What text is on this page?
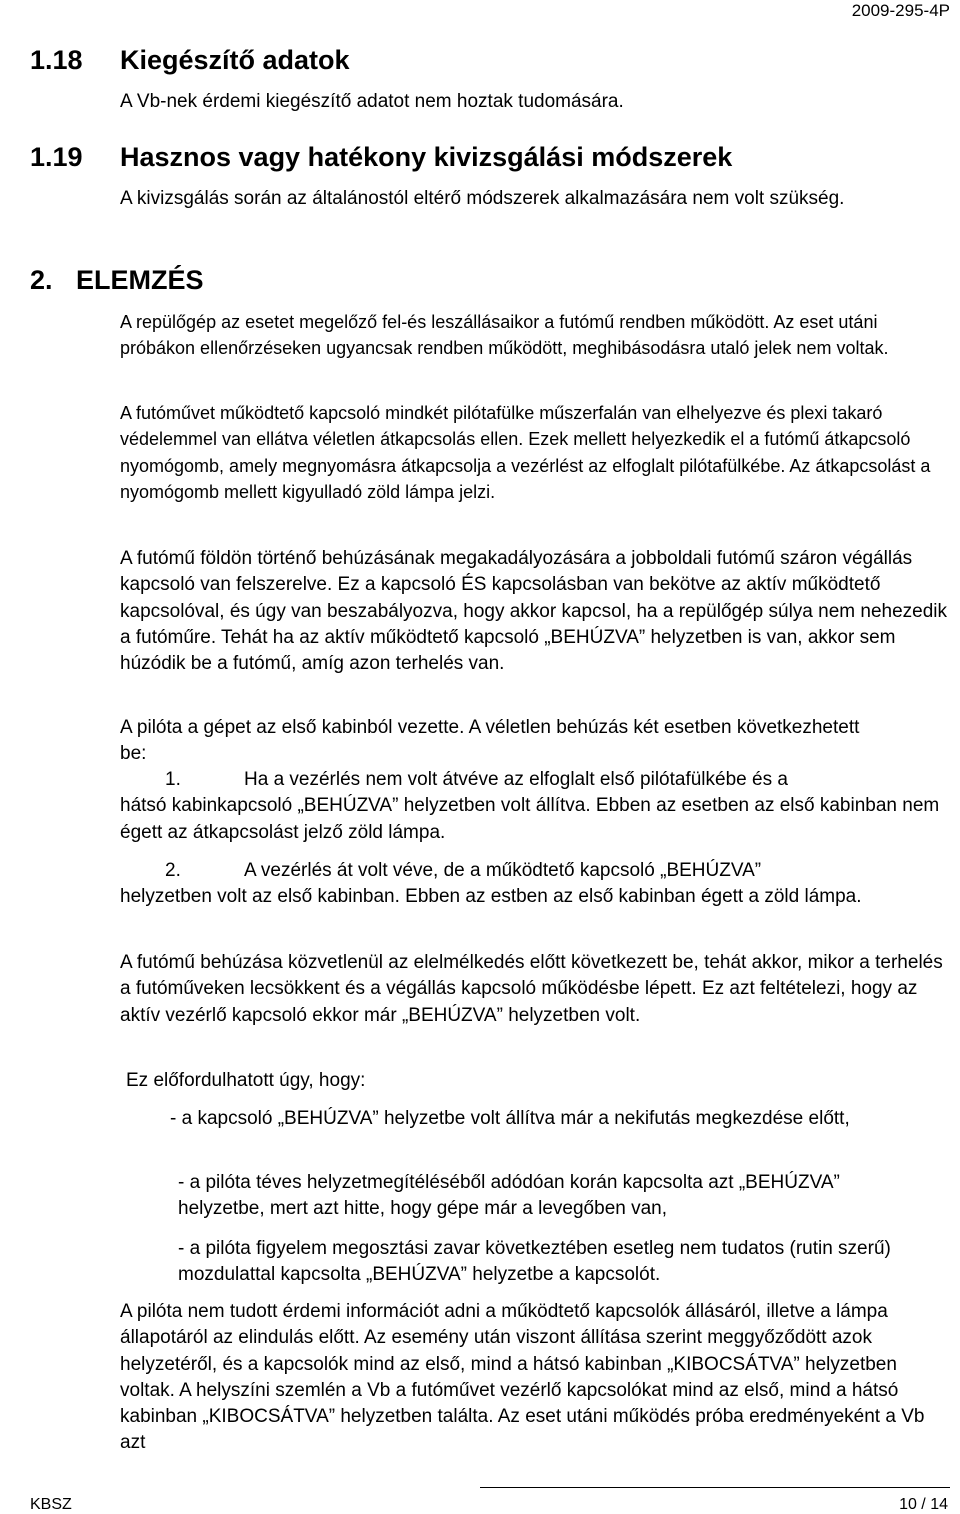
2009-295-4P
1.18 Kiegészítő adatok

A Vb-nek érdemi kiegészítő adatot nem hoztak tudomására.

1.19 Hasznos vagy hatékony kivizsgálási módszerek

A kivizsgálás során az általánostól eltérő módszerek alkalmazására nem volt szükség.

2. ELEMZÉS

A repülőgép az esetet megelőző fel-és leszállásaikor a futómű rendben működött. Az eset utáni próbákon ellenőrzéseken ugyancsak rendben működött, meghibásodásra utaló jelek nem voltak.

A futóművet működtető kapcsoló mindkét pilótafülke műszerfalán van elhelyezve és plexi takaró védelemmel van ellátva véletlen átkapcsolás ellen. Ezek mellett helyezkedik el a futómű átkapcsoló nyomógomb, amely megnyomásra átkapcsolja a vezérlést az elfoglalt pilótafülkébe. Az átkapcsolást a nyomógomb mellett kigyulladó zöld lámpa jelzi.

A futómű földön történő behúzásának megakadályozására a jobboldali futómű száron végállás kapcsoló van felszerelve. Ez a kapcsoló ÉS kapcsolásban van bekötve az aktív működtető kapcsolóval, és úgy van beszabályozva, hogy akkor kapcsol, ha a repülőgép súlya nem nehezedik a futóműre. Tehát ha az aktív működtető kapcsoló „BEHÚZVA” helyzetben is van, akkor sem húzódik be a futómű, amíg azon terhelés van.

A pilóta a gépet az első kabinból vezette. A véletlen behúzás két esetben következhetett be:

1.	Ha a vezérlés nem volt átvéve az elfoglalt első pilótafülkébe és a
hátsó kabinkapcsoló „BEHÚZVA” helyzetben volt állítva. Ebben az esetben az első kabinban nem égett az átkapcsolást jelző zöld lámpa.
2.	A vezérlés át volt véve, de a működtető kapcsoló „BEHÚZVA”
helyzetben volt az első kabinban. Ebben az estben az első kabinban égett a zöld lámpa.

A futómű behúzása közvetlenül az elelmélkedés előtt következett be, tehát akkor, mikor a terhelés a futóműveken lecsökkent és a végállás kapcsoló működésbe lépett. Ez azt feltételezi, hogy az aktív vezérlő kapcsoló ekkor már „BEHÚZVA” helyzetben volt.

Ez előfordulhatott úgy, hogy:

- a kapcsoló „BEHÚZVA” helyzetbe volt állítva már a nekifutás megkezdése előtt,

- a pilóta téves helyzetmegítéléséből adódóan korán kapcsolta azt „BEHÚZVA” helyzetbe, mert azt hitte, hogy gépe már a levegőben van,

- a pilóta figyelem megosztási zavar következtében esetleg nem tudatos (rutin szerű) mozdulattal kapcsolta „BEHÚZVA” helyzetbe a kapcsolót.

A pilóta nem tudott érdemi információt adni a működtető kapcsolók állásáról, illetve a lámpa állapotáról az elindulás előtt. Az esemény után viszont állítása szerint meggyőződött azok helyzetéről, és a kapcsolók mind az első, mind a hátsó kabinban „KIBOCSÁTVA” helyzetben voltak. A helyszíni szemlén a Vb a futóművet vezérlő kapcsolókat mind az első, mind a hátsó kabinban „KIBOCSÁTVA” helyzetben találta. Az eset utáni működés próba eredményeként a Vb azt

KBSZ	10 / 14
